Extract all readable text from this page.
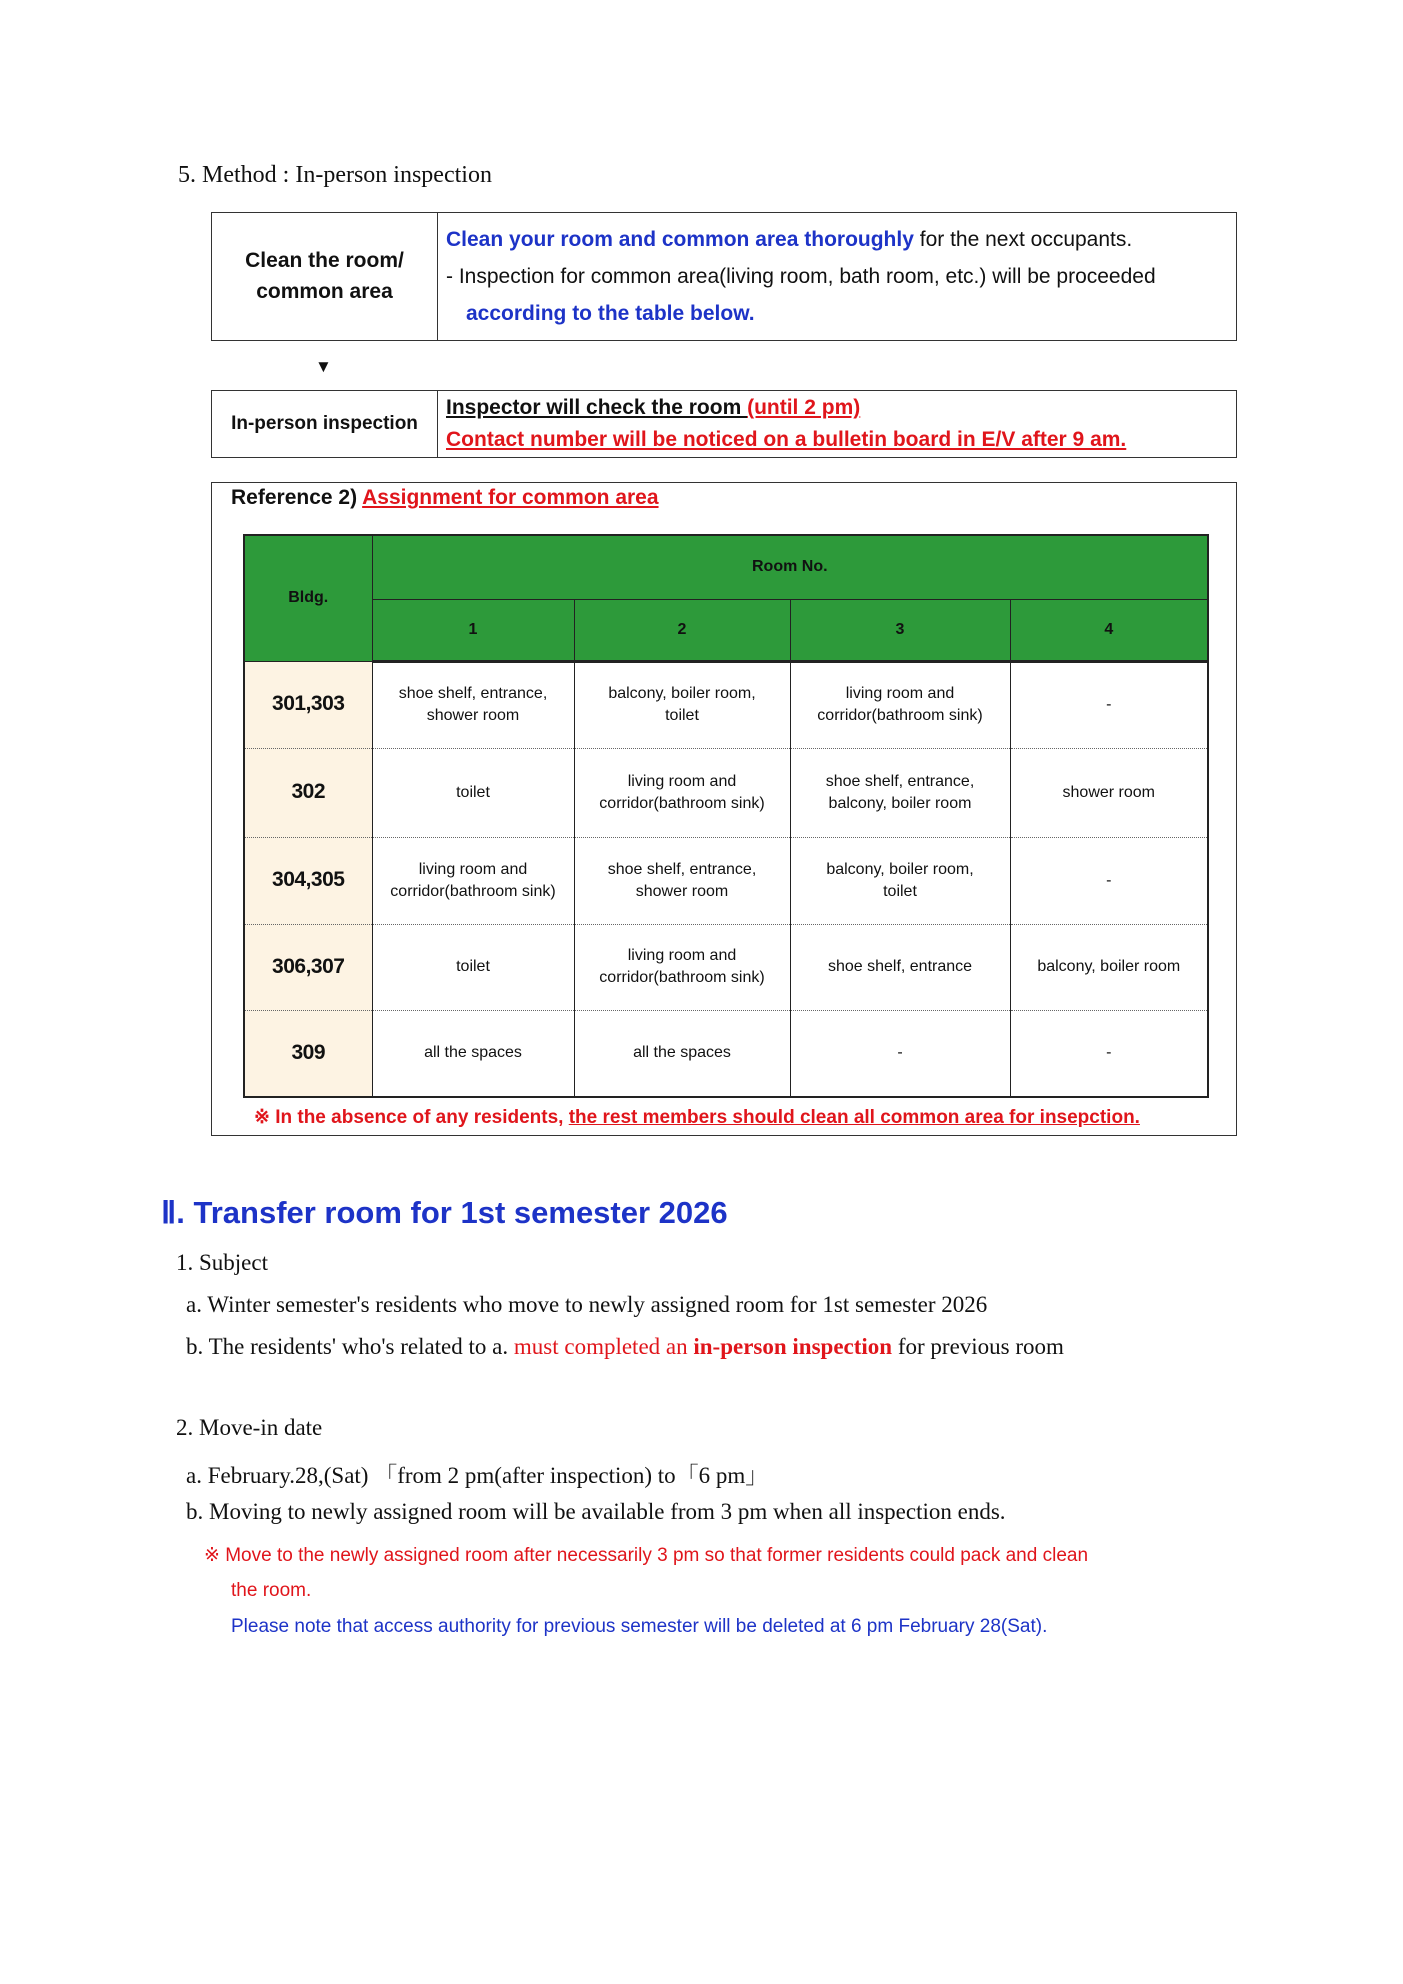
5. Method : In-person inspection
Clean the room/
common area	
Clean your room and common area thoroughly for the next occupants.
- Inspection for common area(living room, bath room, etc.) will be proceeded
according to the table below.
▼
In-person inspection	
Inspector will check the room (until 2 pm)
Contact number will be noticed on a bulletin board in E/V after 9 am.
Reference 2) Assignment for common area
Bldg.	Room No.			
	1	2	3	4
301,303	shoe shelf, entrance,
shower room	balcony, boiler room,
toilet	living room and
corridor(bathroom sink)	-
302	toilet	living room and
corridor(bathroom sink)	shoe shelf, entrance,
balcony, boiler room	shower room
304,305	living room and
corridor(bathroom sink)	shoe shelf, entrance,
shower room	balcony, boiler room,
toilet	-
306,307	toilet	living room and
corridor(bathroom sink)	shoe shelf, entrance	balcony, boiler room
309	all the spaces	all the spaces	-	-
※ In the absence of any residents, the rest members should clean all common area for insepction.
Ⅱ. Transfer room for 1st semester 2026
1. Subject
a. Winter semester's residents who move to newly assigned room for 1st semester 2026
b. The residents' who's related to a. must completed an in-person inspection for previous room
2. Move-in date
a. February.28,(Sat) 「from 2 pm(after inspection) to「6 pm」
b. Moving to newly assigned room will be available from 3 pm when all inspection ends.
※ Move to the newly assigned room after necessarily 3 pm so that former residents could pack and clean
the room.
Please note that access authority for previous semester will be deleted at 6 pm February 28(Sat).
